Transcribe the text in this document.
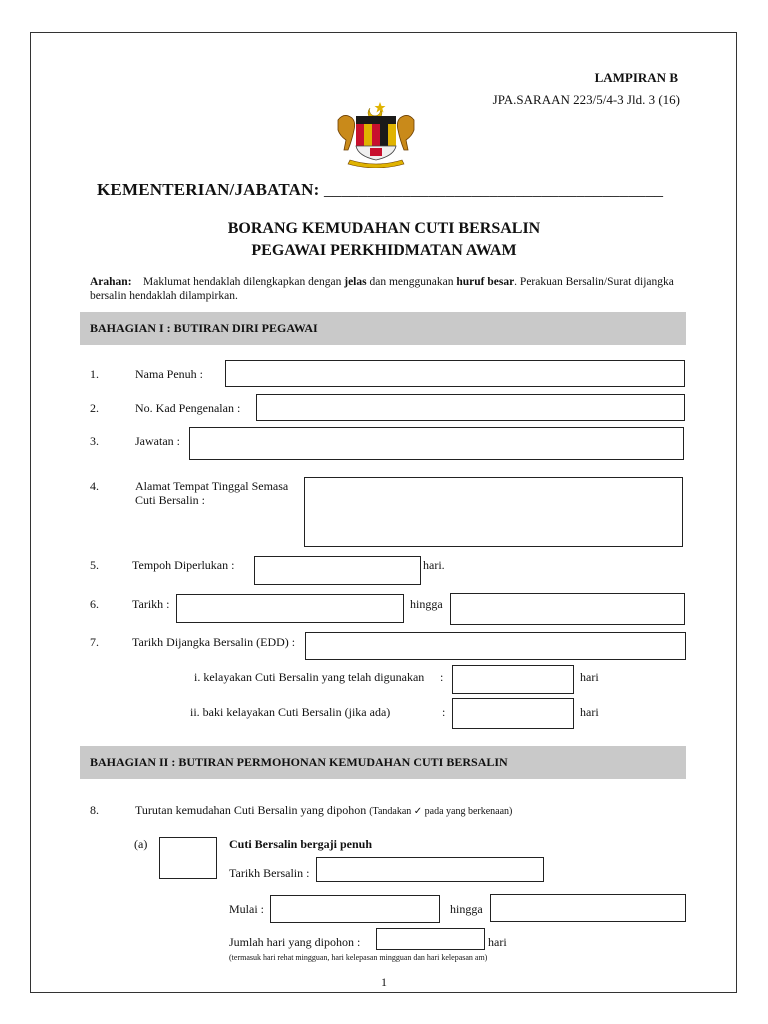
LAMPIRAN B
JPA.SARAAN 223/5/4-3 Jld. 3 (16)
KEMENTERIAN/JABATAN: _______________________________________
BORANG KEMUDAHAN CUTI BERSALIN
PEGAWAI PERKHIDMATAN AWAM
Arahan: Maklumat hendaklah dilengkapkan dengan jelas dan menggunakan huruf besar. Perakuan Bersalin/Surat dijangka bersalin hendaklah dilampirkan.
BAHAGIAN I : BUTIRAN DIRI PEGAWAI
1.	Nama Penuh :
2.	No. Kad Pengenalan :
3.	Jawatan :
4.	Alamat Tempat Tinggal Semasa
Cuti Bersalin :
5.	Tempoh Diperlukan :	hari.
6.	Tarikh :	hingga
7.	Tarikh Dijangka Bersalin (EDD) :
i. kelayakan Cuti Bersalin yang telah digunakan :	hari
ii. baki kelayakan Cuti Bersalin (jika ada)	:	hari
BAHAGIAN II : BUTIRAN PERMOHONAN KEMUDAHAN CUTI BERSALIN
8.	Turutan kemudahan Cuti Bersalin yang dipohon (Tandakan ✓ pada yang berkenaan)
(a)	Cuti Bersalin bergaji penuh
Tarikh Bersalin :
Mulai :	hingga
Jumlah hari yang dipohon :	hari
(termasuk hari rehat mingguan, hari kelepasan mingguan dan hari kelepasan am)
1
